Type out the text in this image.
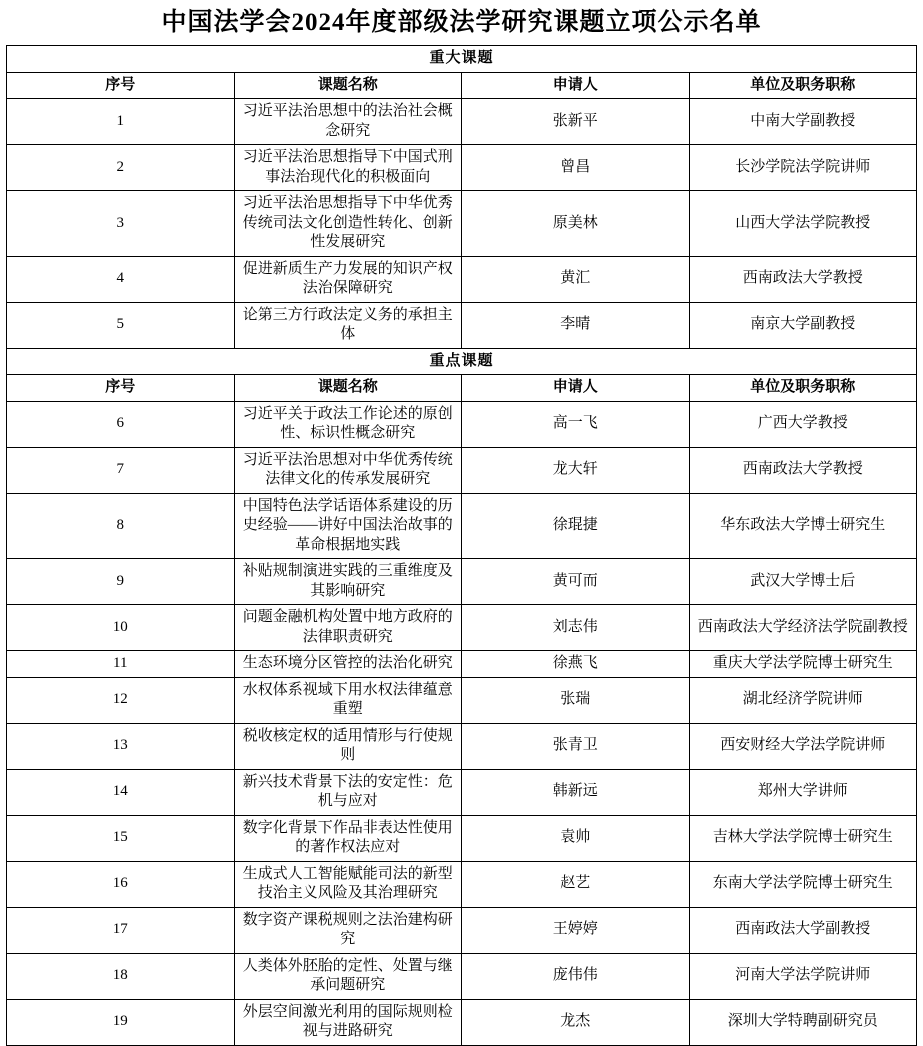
中国法学会2024年度部级法学研究课题立项公示名单
重大课题			
序号	课题名称	申请人	单位及职务职称
1	习近平法治思想中的法治社会概念研究	张新平	中南大学副教授
2	习近平法治思想指导下中国式刑事法治现代化的积极面向	曾昌	长沙学院法学院讲师
3	习近平法治思想指导下中华优秀传统司法文化创造性转化、创新性发展研究	原美林	山西大学法学院教授
4	促进新质生产力发展的知识产权法治保障研究	黄汇	西南政法大学教授
5	论第三方行政法定义务的承担主体	李晴	南京大学副教授
重点课题			
序号	课题名称	申请人	单位及职务职称
6	习近平关于政法工作论述的原创性、标识性概念研究	高一飞	广西大学教授
7	习近平法治思想对中华优秀传统法律文化的传承发展研究	龙大轩	西南政法大学教授
8	中国特色法学话语体系建设的历史经验——讲好中国法治故事的革命根据地实践	徐琨捷	华东政法大学博士研究生
9	补贴规制演进实践的三重维度及其影响研究	黄可而	武汉大学博士后
10	问题金融机构处置中地方政府的法律职责研究	刘志伟	西南政法大学经济法学院副教授
11	生态环境分区管控的法治化研究	徐燕飞	重庆大学法学院博士研究生
12	水权体系视域下用水权法律蕴意重塑	张瑞	湖北经济学院讲师
13	税收核定权的适用情形与行使规则	张青卫	西安财经大学法学院讲师
14	新兴技术背景下法的安定性：危机与应对	韩新远	郑州大学讲师
15	数字化背景下作品非表达性使用的著作权法应对	袁帅	吉林大学法学院博士研究生
16	生成式人工智能赋能司法的新型技治主义风险及其治理研究	赵艺	东南大学法学院博士研究生
17	数字资产课税规则之法治建构研究	王婷婷	西南政法大学副教授
18	人类体外胚胎的定性、处置与继承问题研究	庞伟伟	河南大学法学院讲师
19	外层空间激光利用的国际规则检视与进路研究	龙杰	深圳大学特聘副研究员
